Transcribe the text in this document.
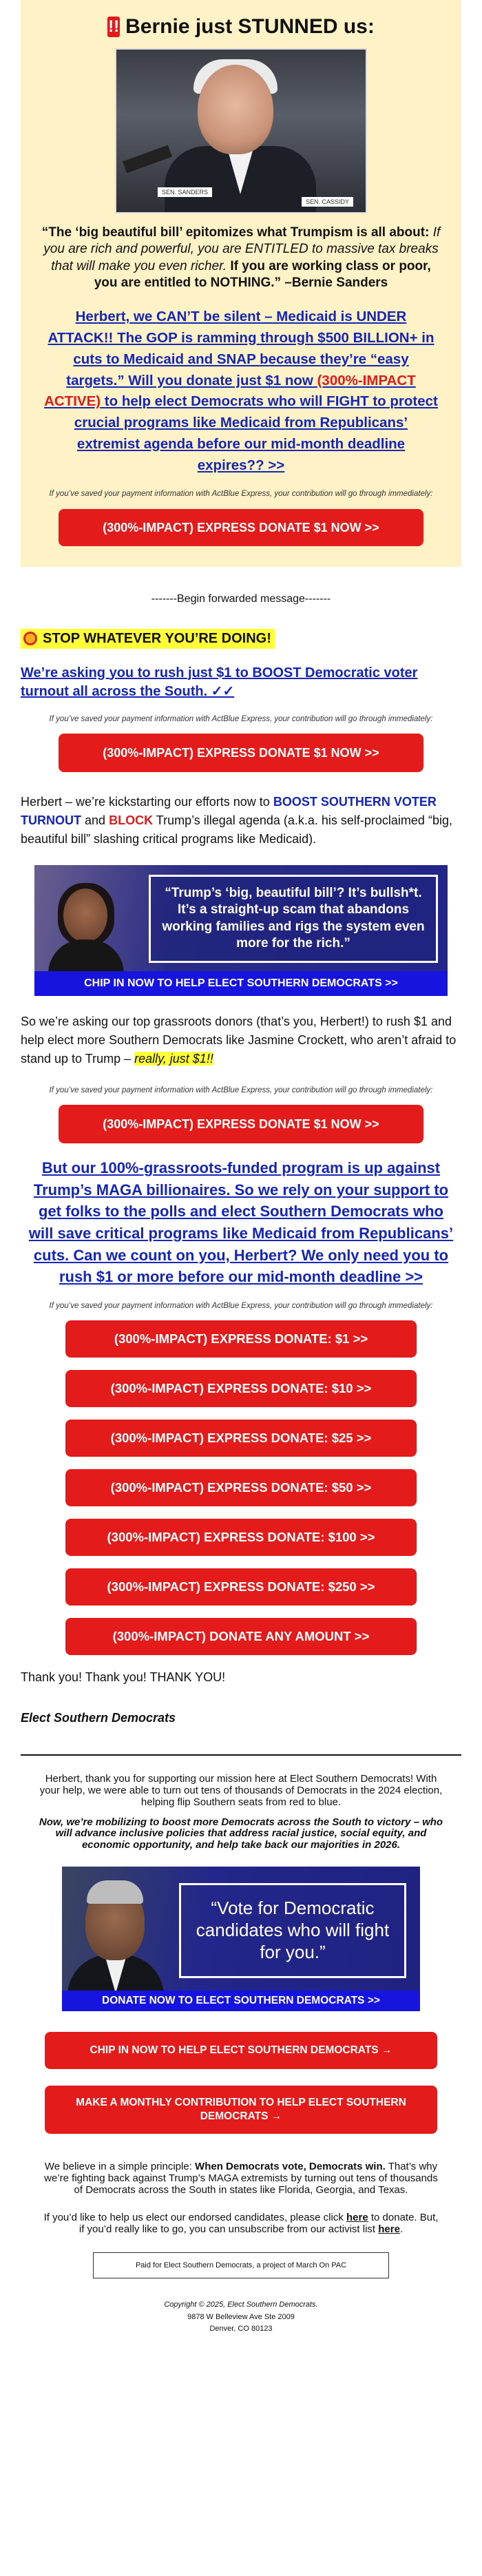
!! Bernie just STUNNED us:
SEN. SANDERS
SEN. CASSIDY
“The ‘big beautiful bill’ epitomizes what Trumpism is all about: If you are rich and powerful, you are ENTITLED to massive tax breaks that will make you even richer. If you are working class or poor, you are entitled to NOTHING.” –Bernie Sanders
Herbert, we CAN’T be silent – Medicaid is UNDER ATTACK!! The GOP is ramming through $500 BILLION+ in cuts to Medicaid and SNAP because they’re “easy targets.” Will you donate just $1 now (300%-IMPACT ACTIVE) to help elect Democrats who will FIGHT to protect crucial programs like Medicaid from Republicans’ extremist agenda before our mid-month deadline expires?? >>
If you’ve saved your payment information with ActBlue Express, your contribution will go through immediately:
(300%-IMPACT) EXPRESS DONATE $1 NOW >>
-------Begin forwarded message-------
STOP WHATEVER YOU’RE DOING!
We’re asking you to rush just $1 to BOOST Democratic voter turnout all across the South. ✓✓
If you’ve saved your payment information with ActBlue Express, your contribution will go through immediately:
(300%-IMPACT) EXPRESS DONATE $1 NOW >>
Herbert – we’re kickstarting our efforts now to BOOST SOUTHERN VOTER TURNOUT and BLOCK Trump’s illegal agenda (a.k.a. his self-proclaimed “big, beautiful bill” slashing critical programs like Medicaid).
“Trump’s ‘big, beautiful bill’? It’s bullsh*t. It’s a straight-up scam that abandons working families and rigs the system even more for the rich.”
CHIP IN NOW TO HELP ELECT SOUTHERN DEMOCRATS >>
So we’re asking our top grassroots donors (that’s you, Herbert!) to rush $1 and help elect more Southern Democrats like Jasmine Crockett, who aren’t afraid to stand up to Trump – really, just $1!!
If you’ve saved your payment information with ActBlue Express, your contribution will go through immediately:
(300%-IMPACT) EXPRESS DONATE $1 NOW >>
But our 100%-grassroots-funded program is up against Trump’s MAGA billionaires. So we rely on your support to get folks to the polls and elect Southern Democrats who will save critical programs like Medicaid from Republicans’ cuts. Can we count on you, Herbert? We only need you to rush $1 or more before our mid-month deadline >>
If you’ve saved your payment information with ActBlue Express, your contribution will go through immediately:
(300%-IMPACT) EXPRESS DONATE: $1 >>
(300%-IMPACT) EXPRESS DONATE: $10 >>
(300%-IMPACT) EXPRESS DONATE: $25 >>
(300%-IMPACT) EXPRESS DONATE: $50 >>
(300%-IMPACT) EXPRESS DONATE: $100 >>
(300%-IMPACT) EXPRESS DONATE: $250 >>
(300%-IMPACT) DONATE ANY AMOUNT >>
Thank you! Thank you! THANK YOU!
Elect Southern Democrats
Herbert, thank you for supporting our mission here at Elect Southern Democrats! With your help, we were able to turn out tens of thousands of Democrats in the 2024 election, helping flip Southern seats from red to blue.
Now, we’re mobilizing to boost more Democrats across the South to victory – who will advance inclusive policies that address racial justice, social equity, and economic opportunity, and help take back our majorities in 2026.
“Vote for Democratic candidates who will fight for you.”
DONATE NOW TO ELECT SOUTHERN DEMOCRATS >>
CHIP IN NOW TO HELP ELECT SOUTHERN DEMOCRATS →
MAKE A MONTHLY CONTRIBUTION TO HELP ELECT SOUTHERN DEMOCRATS →
We believe in a simple principle: When Democrats vote, Democrats win. That’s why we’re fighting back against Trump’s MAGA extremists by turning out tens of thousands of Democrats across the South in states like Florida, Georgia, and Texas.
If you’d like to help us elect our endorsed candidates, please click here to donate. But, if you’d really like to go, you can unsubscribe from our activist list here.
Paid for Elect Southern Democrats, a project of March On PAC
Copyright © 2025, Elect Southern Democrats.
9878 W Belleview Ave Ste 2009
Denver, CO 80123
